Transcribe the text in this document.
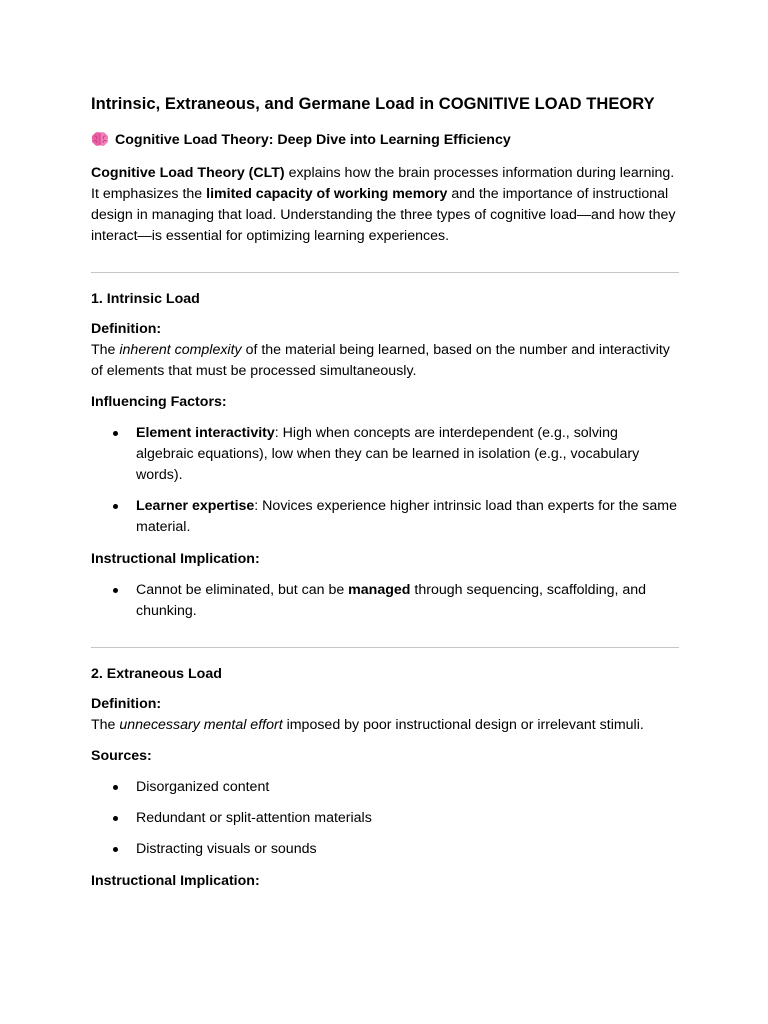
Intrinsic, Extraneous, and Germane Load in COGNITIVE LOAD THEORY
Cognitive Load Theory: Deep Dive into Learning Efficiency

Cognitive Load Theory (CLT) explains how the brain processes information during learning. It emphasizes the limited capacity of working memory and the importance of instructional design in managing that load. Understanding the three types of cognitive load—and how they interact—is essential for optimizing learning experiences.

1. Intrinsic Load
Definition:

The inherent complexity of the material being learned, based on the number and interactivity of elements that must be processed simultaneously.

Influencing Factors:
Element interactivity: High when concepts are interdependent (e.g., solving algebraic equations), low when they can be learned in isolation (e.g., vocabulary words).
Learner expertise: Novices experience higher intrinsic load than experts for the same material.
Instructional Implication:
Cannot be eliminated, but can be managed through sequencing, scaffolding, and chunking.
2. Extraneous Load
Definition:

The unnecessary mental effort imposed by poor instructional design or irrelevant stimuli.

Sources:
Disorganized content
Redundant or split-attention materials
Distracting visuals or sounds
Instructional Implication:
